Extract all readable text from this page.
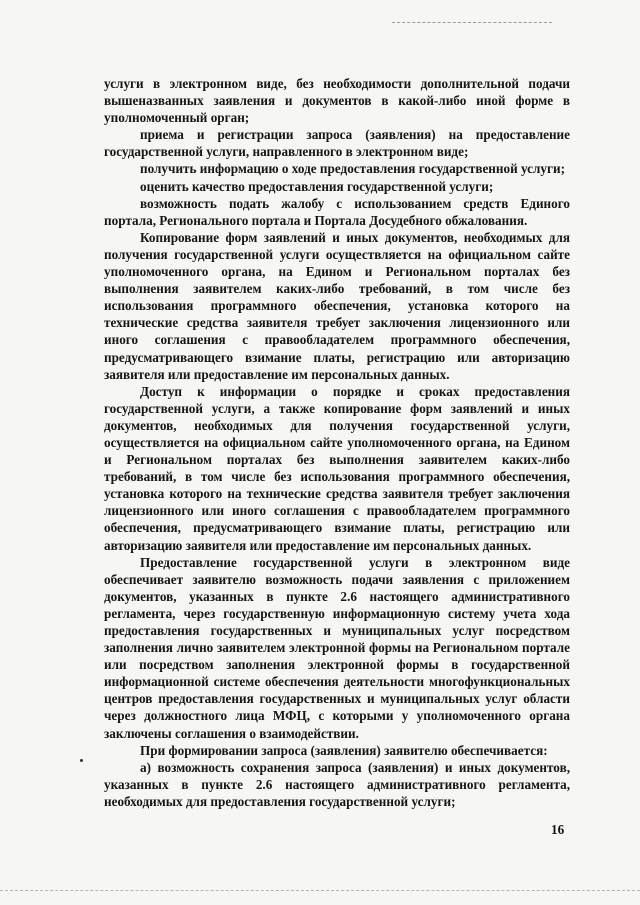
услуги в электронном виде, без необходимости дополнительной подачи вышеназванных заявления и документов в какой-либо иной форме в уполномоченный орган;

приема и регистрации запроса (заявления) на предоставление государственной услуги, направленного в электронном виде;

получить информацию о ходе предоставления государственной услуги;

оценить качество предоставления государственной услуги;

возможность подать жалобу с использованием средств Единого портала, Регионального портала и Портала Досудебного обжалования.

Копирование форм заявлений и иных документов, необходимых для получения государственной услуги осуществляется на официальном сайте уполномоченного органа, на Едином и Региональном порталах без выполнения заявителем каких-либо требований, в том числе без использования программного обеспечения, установка которого на технические средства заявителя требует заключения лицензионного или иного соглашения с правообладателем программного обеспечения, предусматривающего взимание платы, регистрацию или авторизацию заявителя или предоставление им персональных данных.

Доступ к информации о порядке и сроках предоставления государственной услуги, а также копирование форм заявлений и иных документов, необходимых для получения государственной услуги, осуществляется на официальном сайте уполномоченного органа, на Едином и Региональном порталах без выполнения заявителем каких-либо требований, в том числе без использования программного обеспечения, установка которого на технические средства заявителя требует заключения лицензионного или иного соглашения с правообладателем программного обеспечения, предусматривающего взимание платы, регистрацию или авторизацию заявителя или предоставление им персональных данных.

Предоставление государственной услуги в электронном виде обеспечивает заявителю возможность подачи заявления с приложением документов, указанных в пункте 2.6 настоящего административного регламента, через государственную информационную систему учета хода предоставления государственных и муниципальных услуг посредством заполнения лично заявителем электронной формы на Региональном портале или посредством заполнения электронной формы в государственной информационной системе обеспечения деятельности многофункциональных центров предоставления государственных и муниципальных услуг области через должностного лица МФЦ, с которыми у уполномоченного органа заключены соглашения о взаимодействии.

При формировании запроса (заявления) заявителю обеспечивается:

а) возможность сохранения запроса (заявления) и иных документов, указанных в пункте 2.6 настоящего административного регламента, необходимых для предоставления государственной услуги;

16
